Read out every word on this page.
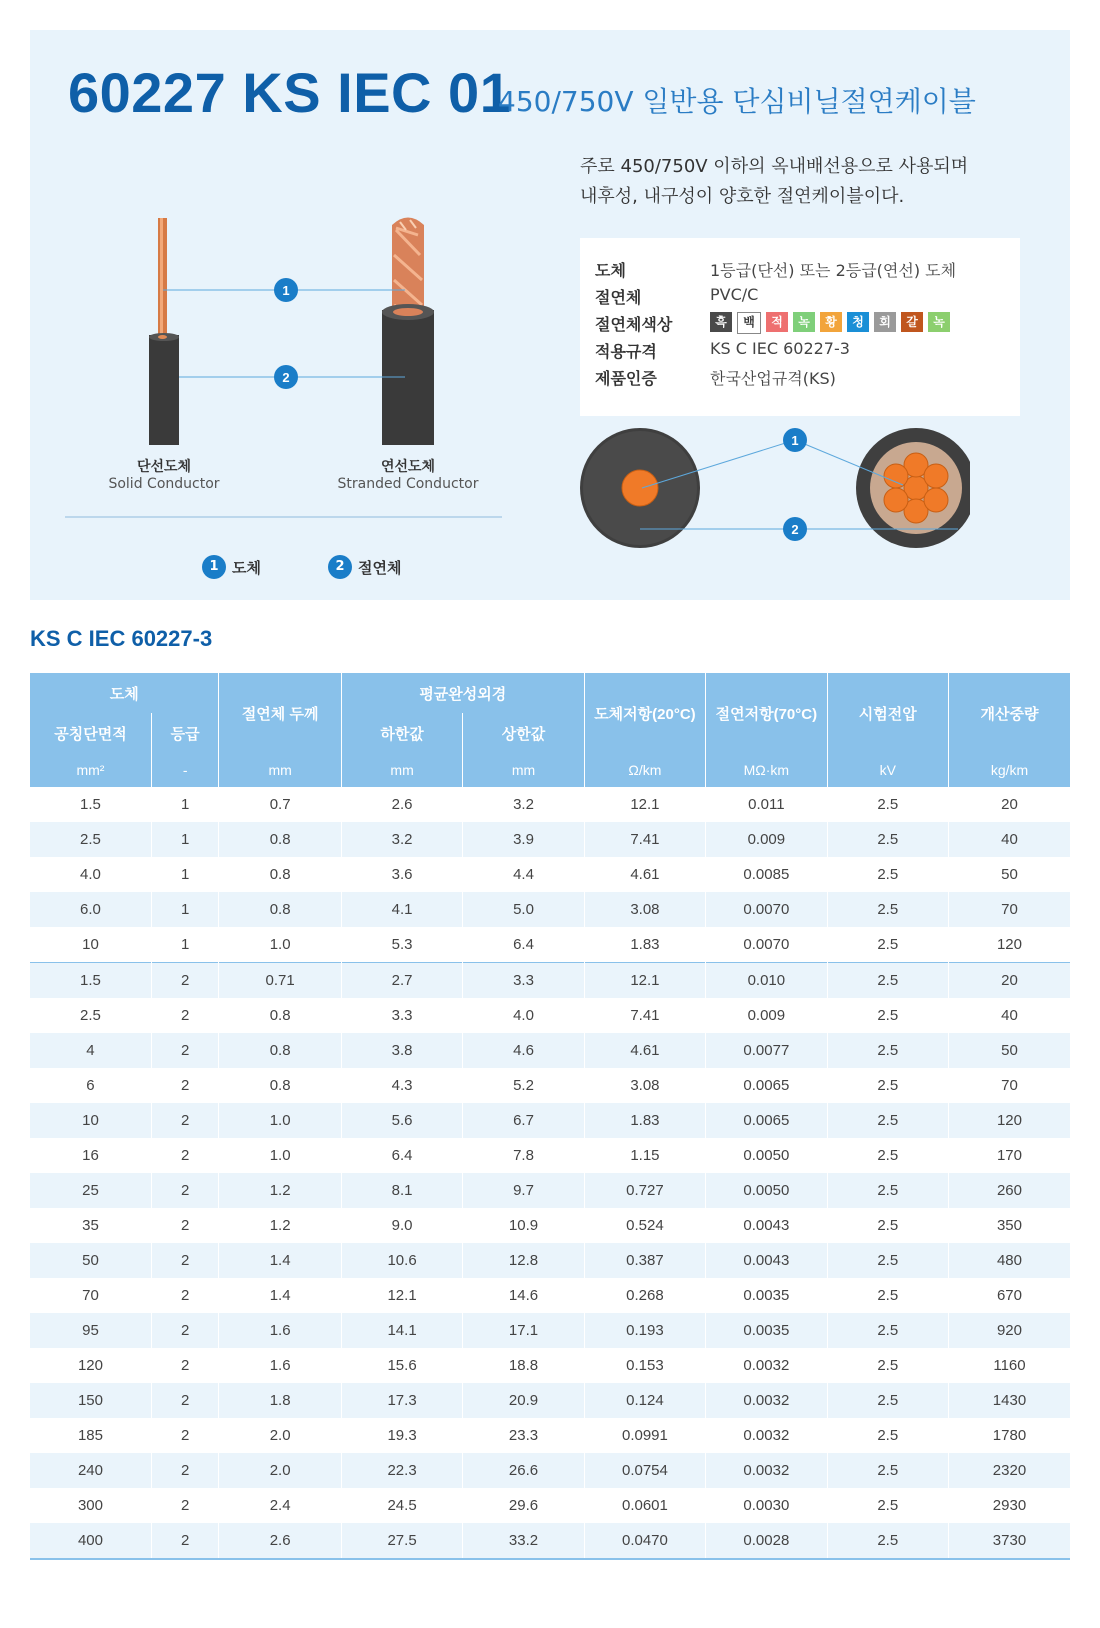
60227 KS IEC 01
450/750V 일반용 단심비닐절연케이블
1
2
단선도체
Solid Conductor
연선도체
Stranded Conductor
1 도체	2 절연체
주로 450/750V 이하의 옥내배선용으로 사용되며
내후성, 내구성이 양호한 절연케이블이다.
도체	1등급(단선) 또는 2등급(연선) 도체
절연체	PVC/C
절연체색상	흑	백	적	녹	황	청	회	갈	녹&황
적용규격	KS C IEC 60227-3
제품인증	한국산업규격(KS)
1
2
KS C IEC 60227-3
도체		절연체 두께	평균완성외경		도체저항(20°C)	절연저항(70°C)	시험전압	개산중량
공칭단면적	등급		하한값	상한값				
mm²	-	mm	mm	mm	Ω/km	MΩ·km	kV	kg/km
1.5	1	0.7	2.6	3.2	12.1	0.011	2.5	20
2.5	1	0.8	3.2	3.9	7.41	0.009	2.5	40
4.0	1	0.8	3.6	4.4	4.61	0.0085	2.5	50
6.0	1	0.8	4.1	5.0	3.08	0.0070	2.5	70
10	1	1.0	5.3	6.4	1.83	0.0070	2.5	120
1.5	2	0.71	2.7	3.3	12.1	0.010	2.5	20
2.5	2	0.8	3.3	4.0	7.41	0.009	2.5	40
4	2	0.8	3.8	4.6	4.61	0.0077	2.5	50
6	2	0.8	4.3	5.2	3.08	0.0065	2.5	70
10	2	1.0	5.6	6.7	1.83	0.0065	2.5	120
16	2	1.0	6.4	7.8	1.15	0.0050	2.5	170
25	2	1.2	8.1	9.7	0.727	0.0050	2.5	260
35	2	1.2	9.0	10.9	0.524	0.0043	2.5	350
50	2	1.4	10.6	12.8	0.387	0.0043	2.5	480
70	2	1.4	12.1	14.6	0.268	0.0035	2.5	670
95	2	1.6	14.1	17.1	0.193	0.0035	2.5	920
120	2	1.6	15.6	18.8	0.153	0.0032	2.5	1160
150	2	1.8	17.3	20.9	0.124	0.0032	2.5	1430
185	2	2.0	19.3	23.3	0.0991	0.0032	2.5	1780
240	2	2.0	22.3	26.6	0.0754	0.0032	2.5	2320
300	2	2.4	24.5	29.6	0.0601	0.0030	2.5	2930
400	2	2.6	27.5	33.2	0.0470	0.0028	2.5	3730
